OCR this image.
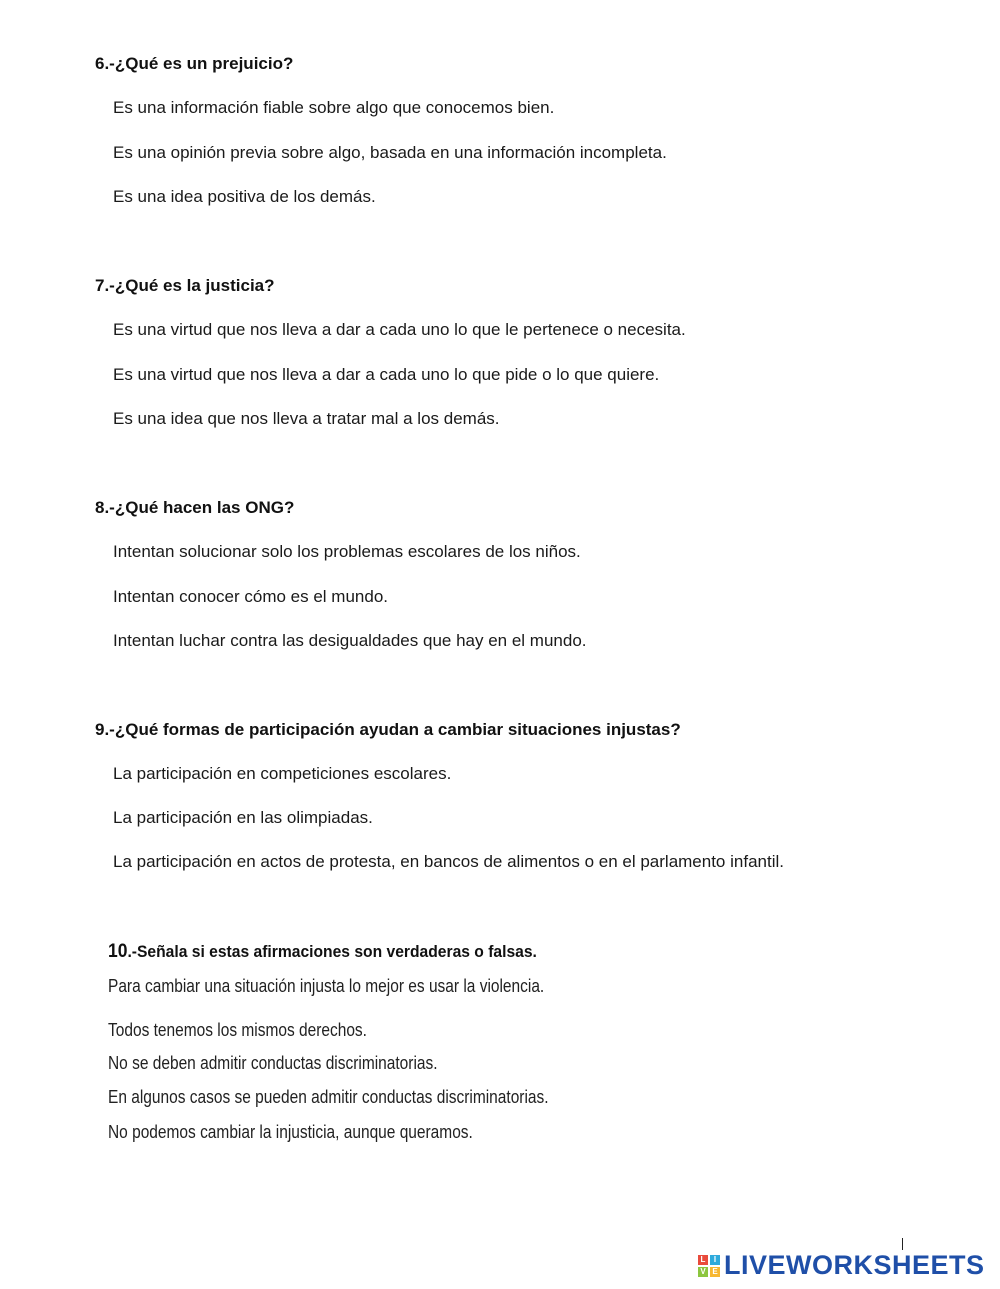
6.-¿Qué es un prejuicio?
Es una información fiable sobre algo que conocemos bien.
Es una opinión previa sobre algo, basada en una información incompleta.
Es una idea positiva de los demás.
7.-¿Qué es la justicia?
Es una virtud que nos lleva a dar a cada uno lo que le pertenece o necesita.
Es una virtud que nos lleva a dar a cada uno lo que pide o lo que quiere.
Es una idea que nos lleva a tratar mal a los demás.
8.-¿Qué hacen las ONG?
Intentan solucionar solo los problemas escolares de los niños.
Intentan conocer cómo es el mundo.
Intentan luchar contra las desigualdades que hay en el mundo.
9.-¿Qué formas de participación ayudan a cambiar situaciones injustas?
La participación en competiciones escolares.
La participación en las olimpiadas.
La participación en actos de protesta, en bancos de alimentos o en el parlamento infantil.
10.-Señala si estas afirmaciones son verdaderas o falsas.
Para cambiar una situación injusta lo mejor es usar la violencia.
Todos tenemos los mismos derechos.
No se deben admitir conductas discriminatorias.
En algunos casos se pueden admitir conductas discriminatorias.
No podemos cambiar la injusticia, aunque queramos.
L	I
V E LIVEWORKSHEETS
